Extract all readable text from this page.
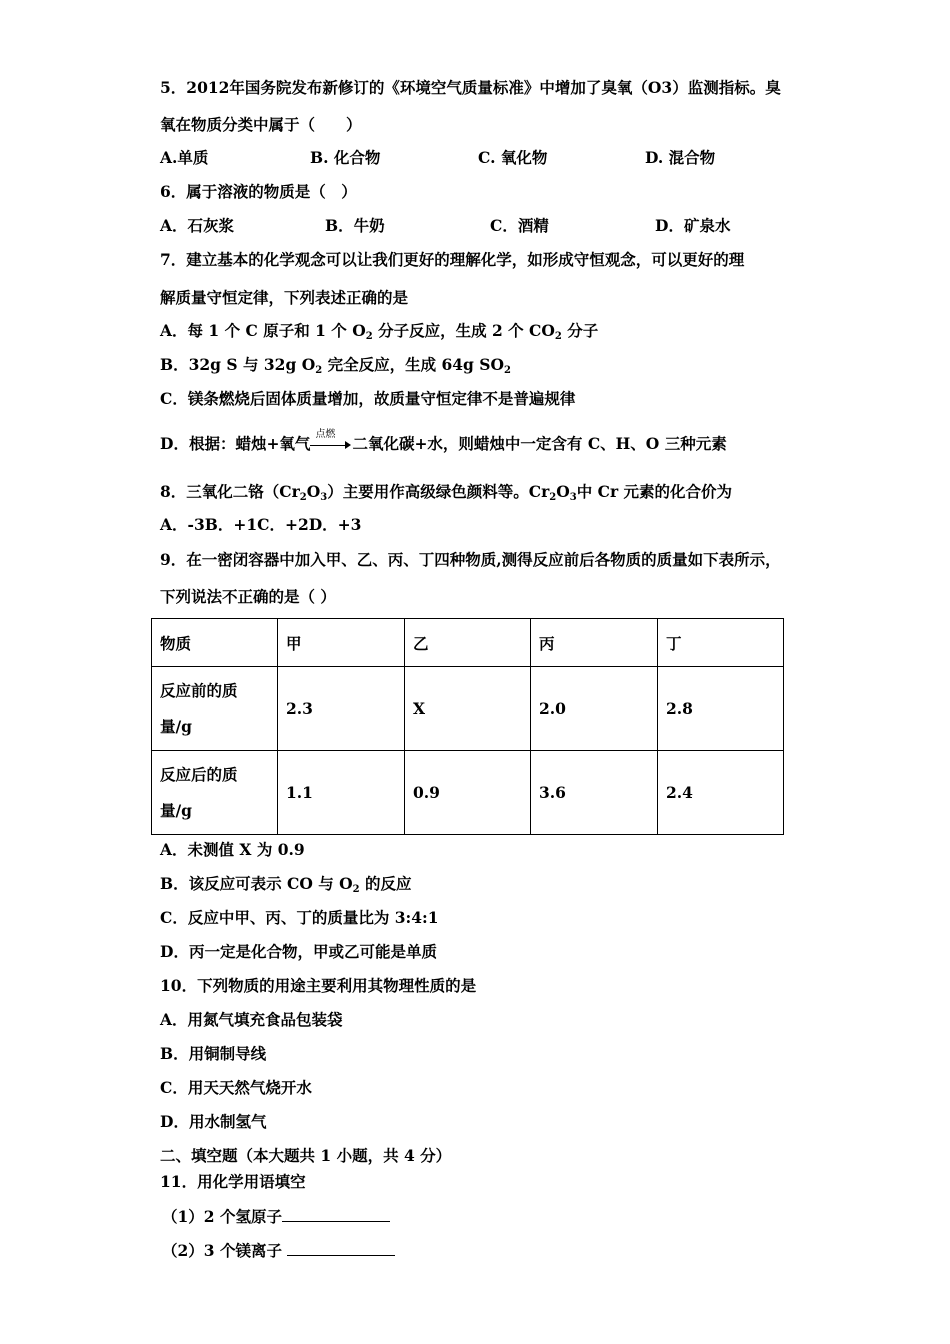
5．2012年国务院发布新修订的《环境空气质量标准》中增加了臭氧（O3）监测指标。臭
氧在物质分类中属于（　　）
A.单质	B. 化合物	C. 氧化物	D. 混合物
6．属于溶液的物质是（　）
A．石灰浆	B．牛奶	C．酒精	D．矿泉水
7．建立基本的化学观念可以让我们更好的理解化学，如形成守恒观念，可以更好的理
解质量守恒定律，下列表述正确的是
A．每 1 个 C 原子和 1 个 $O_2$ 分子反应，生成 2 个 $CO_2$ 分子
B．32g S 与 32g $O_2$ 完全反应，生成 64g $SO_2$
C．镁条燃烧后固体质量增加，故质量守恒定律不是普遍规律
D．根据：蜡烛+氧气 点燃 二氧化碳+水，则蜡烛中一定含有 C、H、O 三种元素
8．三氧化二铬$(Cr_2O_3)$主要用作高级绿色颜料等。$Cr_2O_3$中 Cr 元素的化合价为
A．-3B．+1C．+2D．+3
9．在一密闭容器中加入甲、乙、丙、丁四种物质,测得反应前后各物质的质量如下表所示，
下列说法不正确的是（ ）
物质	甲	乙	丙	丁

反应前的质
量/g	2.3	X	2.0	2.8

反应后的质
量/g	1.1	0.9	3.6	2.4
A．未测值 X 为 0.9
B．该反应可表示 CO 与 $O_2$ 的反应
C．反应中甲、丙、丁的质量比为 3:4:1
D．丙一定是化合物，甲或乙可能是单质
10．下列物质的用途主要利用其物理性质的是
A．用氮气填充食品包装袋
B．用铜制导线
C．用天天然气烧开水
D．用水制氢气
二、填空题（本大题共 1 小题，共 4 分）
11．用化学用语填空
（1）2 个氢原子
（2）3 个镁离子
